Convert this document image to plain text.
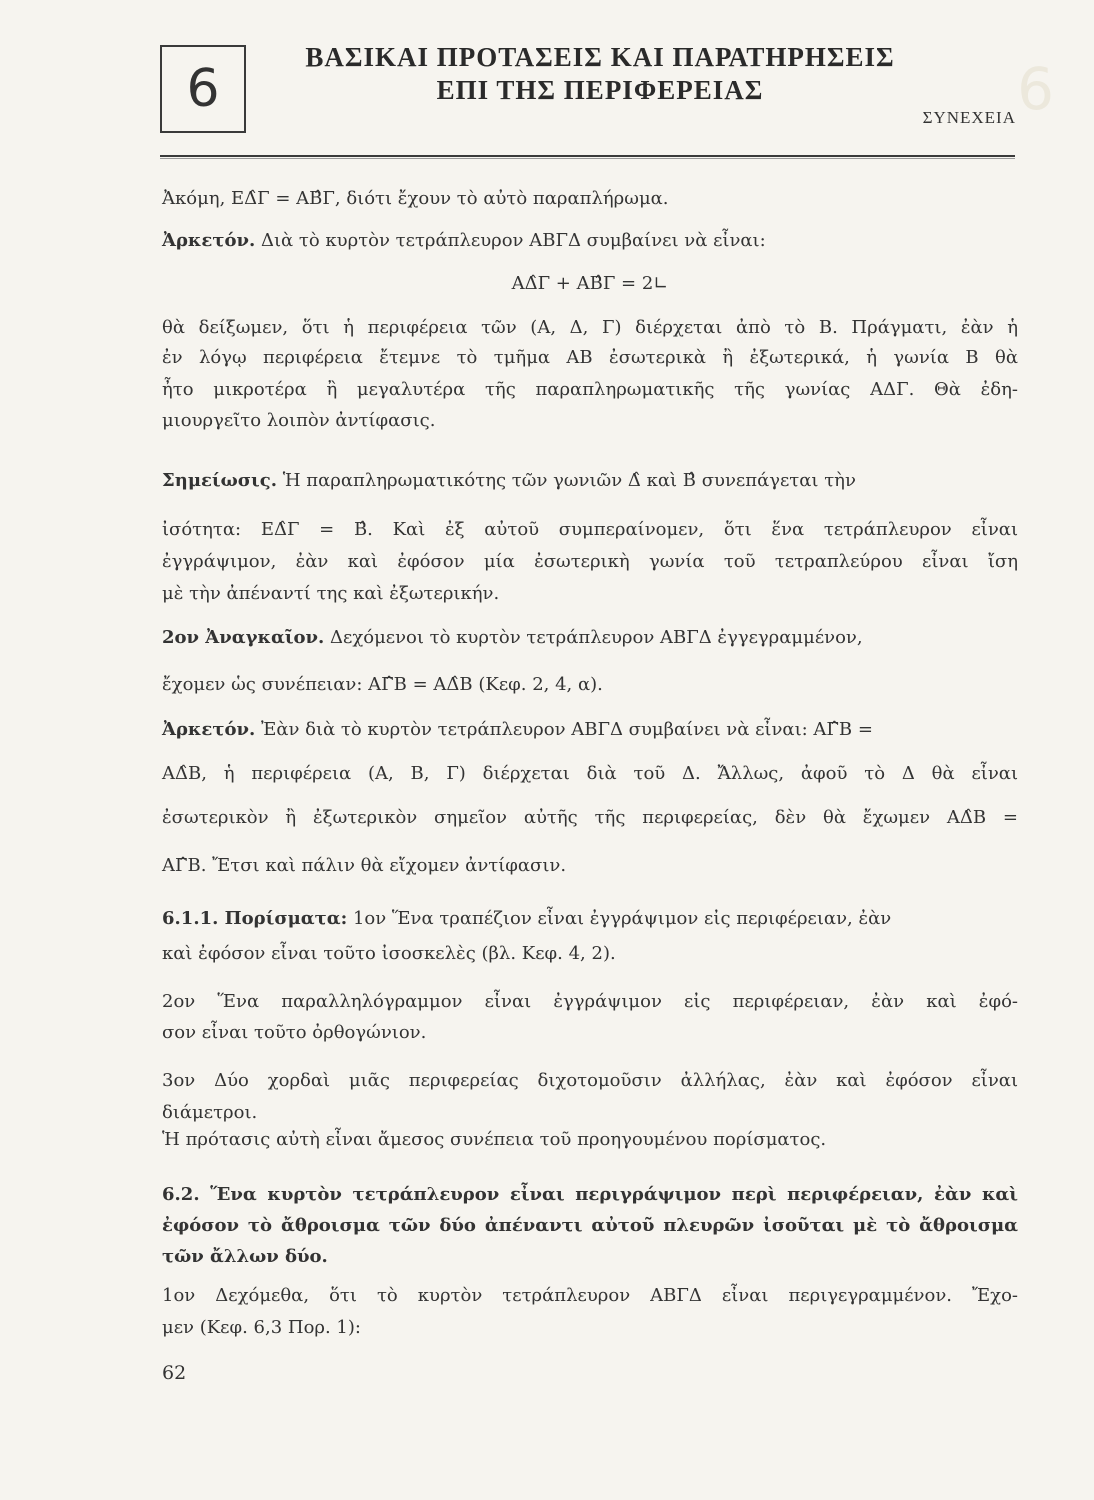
6
6
ΒΑΣΙΚΑΙ ΠΡΟΤΑΣΕΙΣ ΚΑΙ ΠΑΡΑΤΗΡΗΣΕΙΣ
ΕΠΙ ΤΗΣ ΠΕΡΙΦΕΡΕΙΑΣ
ΣΥΝΕΧΕΙΑ
Ἀκόμη, ΕΔ̂Γ = ΑΒ̂Γ, διότι ἔχουν τὸ αὐτὸ παραπλήρωμα.
Ἀρκετόν. Διὰ τὸ κυρτὸν τετράπλευρον ΑΒΓΔ συμβαίνει νὰ εἶναι:
ΑΔ̂Γ + ΑΒ̂Γ = 2∟
θὰ δείξωμεν, ὅτι ἡ περιφέρεια τῶν (Α, Δ, Γ) διέρχεται ἀπὸ τὸ Β. Πράγματι, ἐὰν ἡ
ἐν λόγῳ περιφέρεια ἔτεμνε τὸ τμῆμα ΑΒ ἐσωτερικὰ ἢ ἐξωτερικά, ἡ γωνία Β θὰ
ἦτο μικροτέρα ἢ μεγαλυτέρα τῆς παραπληρωματικῆς τῆς γωνίας ΑΔΓ. Θὰ ἐδη-
μιουργεῖτο λοιπὸν ἀντίφασις.
Σημείωσις. Ἡ παραπληρωματικότης τῶν γωνιῶν Δ̂ καὶ Β̂ συνεπάγεται τὴν
ἰσότητα: ΕΔ̂Γ = Β̂. Καὶ ἐξ αὐτοῦ συμπεραίνομεν, ὅτι ἕνα τετράπλευρον εἶναι
ἐγγράψιμον, ἐὰν καὶ ἐφόσον μία ἐσωτερικὴ γωνία τοῦ τετραπλεύρου εἶναι ἴση
μὲ τὴν ἀπέναντί της καὶ ἐξωτερικήν.
2ον Ἀναγκαῖον. Δεχόμενοι τὸ κυρτὸν τετράπλευρον ΑΒΓΔ ἐγγεγραμμένον,
ἔχομεν ὡς συνέπειαν: ΑΓ̂Β = ΑΔ̂Β (Κεφ. 2, 4, α).
Ἀρκετόν. Ἐὰν διὰ τὸ κυρτὸν τετράπλευρον ΑΒΓΔ συμβαίνει νὰ εἶναι: ΑΓ̂Β =
ΑΔ̂Β, ἡ περιφέρεια (Α, Β, Γ) διέρχεται διὰ τοῦ Δ. Ἄλλως, ἀφοῦ τὸ Δ θὰ εἶναι
ἐσωτερικὸν ἢ ἐξωτερικὸν σημεῖον αὐτῆς τῆς περιφερείας, δὲν θὰ ἔχωμεν ΑΔ̂Β =
ΑΓ̂Β. Ἔτσι καὶ πάλιν θὰ εἴχομεν ἀντίφασιν.
6.1.1. Πορίσματα: 1ον Ἕνα τραπέζιον εἶναι ἐγγράψιμον εἰς περιφέρειαν, ἐὰν
καὶ ἐφόσον εἶναι τοῦτο ἰσοσκελὲς (βλ. Κεφ. 4, 2).
2ον Ἕνα παραλληλόγραμμον εἶναι ἐγγράψιμον εἰς περιφέρειαν, ἐὰν καὶ ἐφό-
σον εἶναι τοῦτο ὀρθογώνιον.
3ον Δύο χορδαὶ μιᾶς περιφερείας διχοτομοῦσιν ἀλλήλας, ἐὰν καὶ ἐφόσον εἶναι
διάμετροι.
Ἡ πρότασις αὐτὴ εἶναι ἄμεσος συνέπεια τοῦ προηγουμένου πορίσματος.
6.2. Ἕνα κυρτὸν τετράπλευρον εἶναι περιγράψιμον περὶ περιφέρειαν, ἐὰν καὶ
ἐφόσον τὸ ἄθροισμα τῶν δύο ἀπέναντι αὐτοῦ πλευρῶν ἰσοῦται μὲ τὸ ἄθροισμα
τῶν ἄλλων δύο.
1ον Δεχόμεθα, ὅτι τὸ κυρτὸν τετράπλευρον ΑΒΓΔ εἶναι περιγεγραμμένον. Ἔχο-
μεν (Κεφ. 6,3 Πορ. 1):
62
